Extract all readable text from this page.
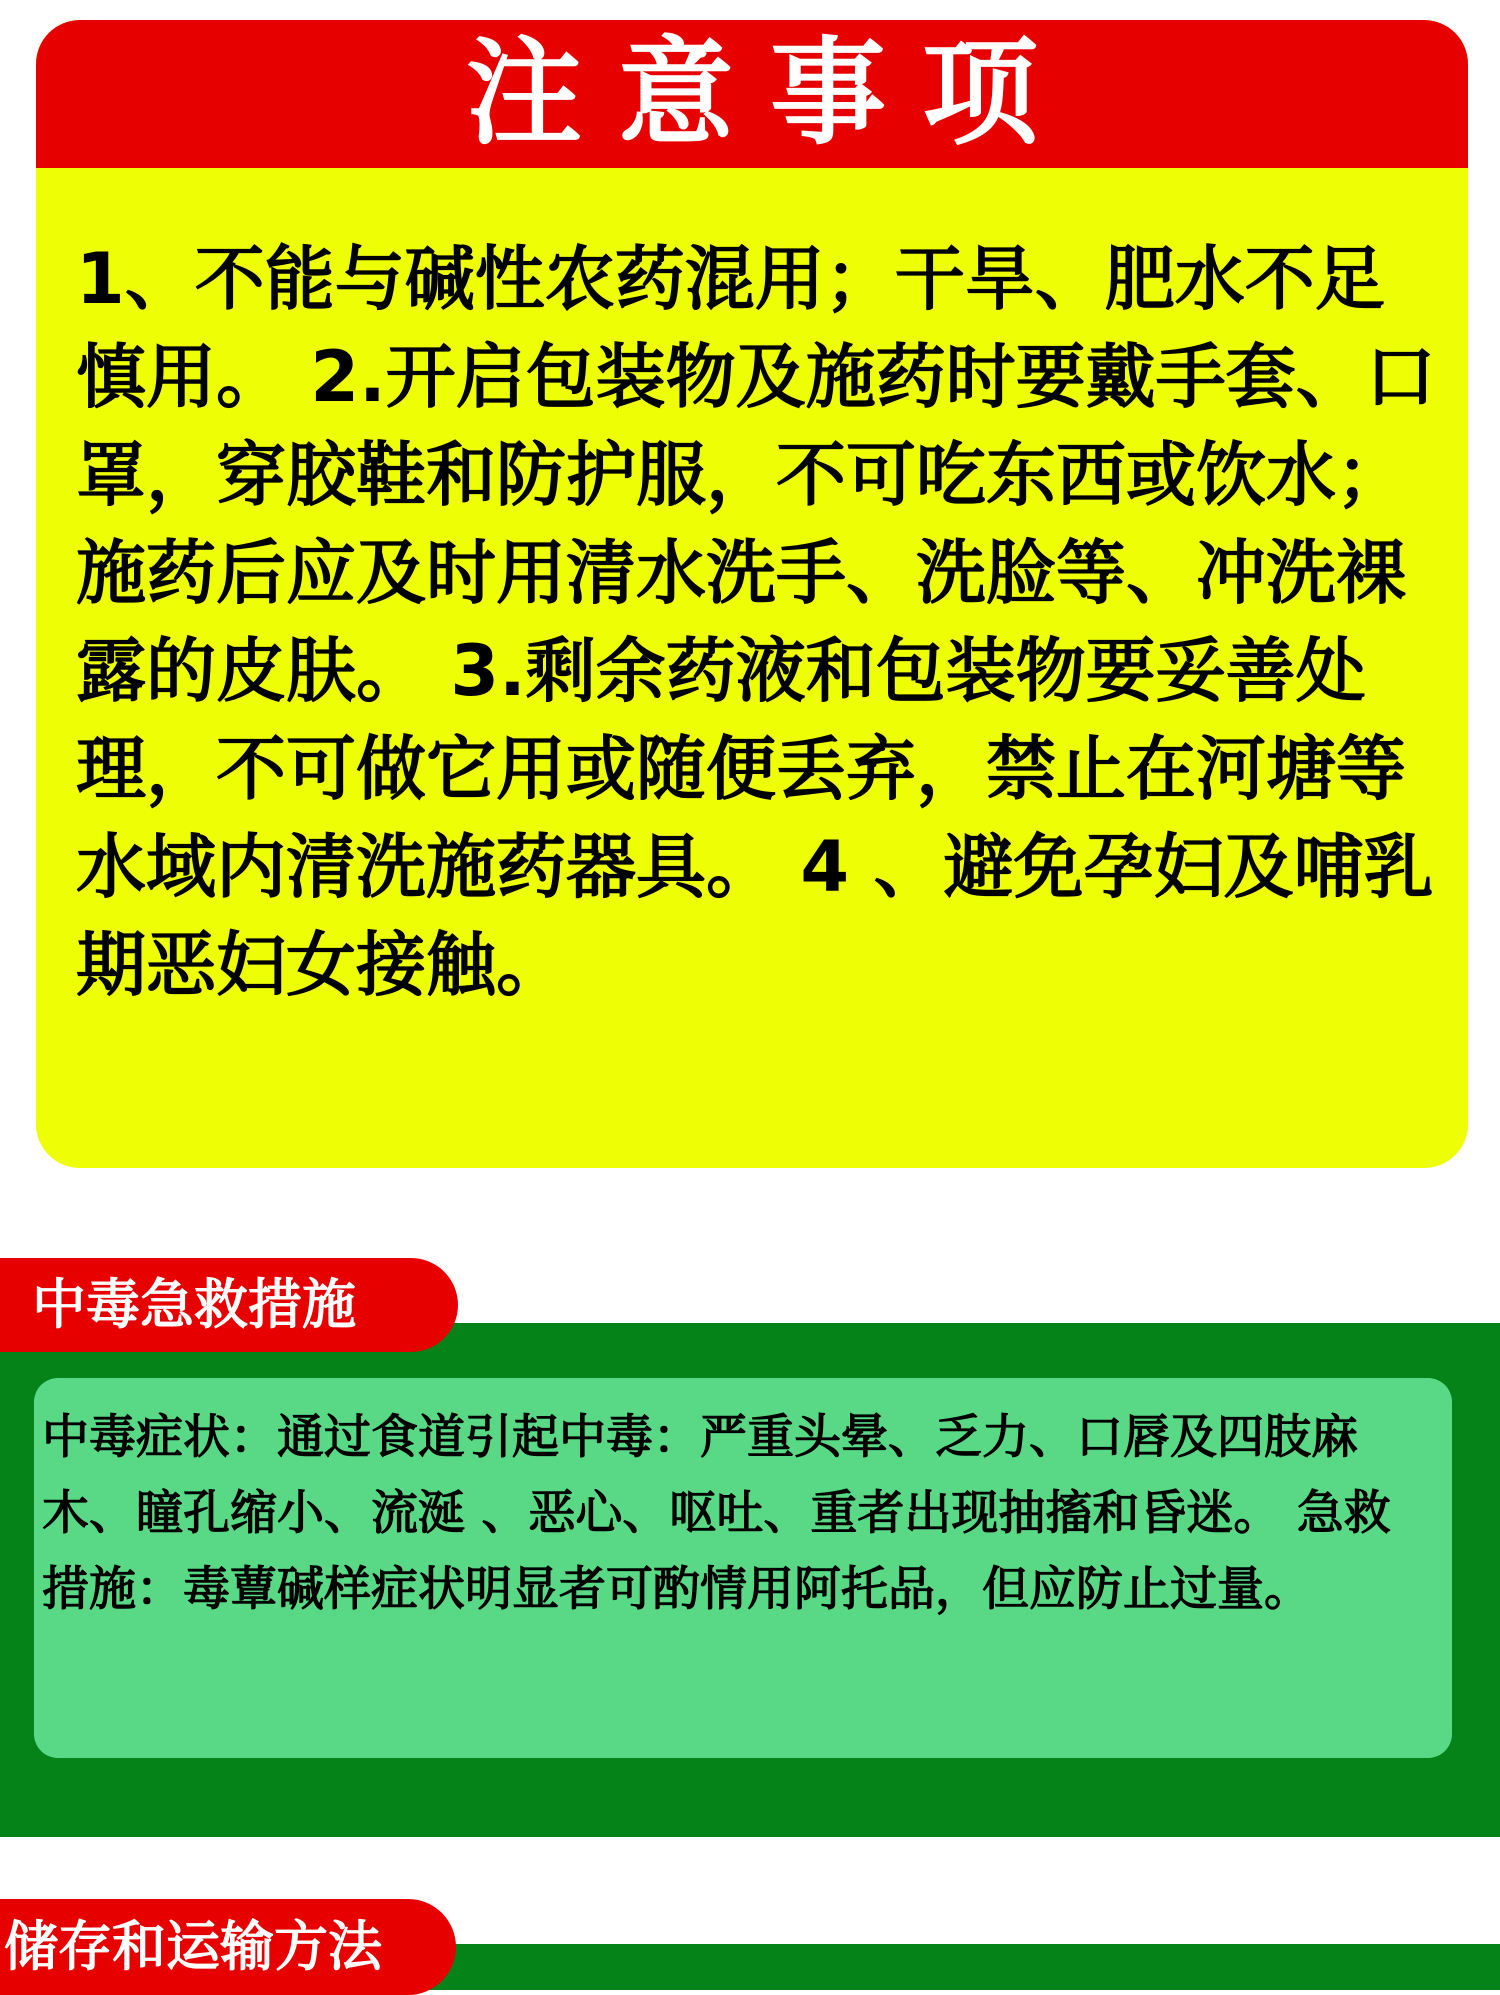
注意事项
1、不能与碱性农药混用；干旱、肥水不足慎用。 2.开启包装物及施药时要戴手套、口罩，穿胶鞋和防护服，不可吃东西或饮水；施药后应及时用清水洗手、洗脸等、冲洗裸露的皮肤。 3.剩余药液和包装物要妥善处理，不可做它用或随便丢弃，禁止在河塘等水域内清洗施药器具。 4 、避免孕妇及哺乳期恶妇女接触。
中毒急救措施
中毒症状：通过食道引起中毒：严重头晕、乏力、口唇及四肢麻木、瞳孔缩小、流涎 、恶心、呕吐、重者出现抽搐和昏迷。 急救措施：毒蕈碱样症状明显者可酌情用阿托品，但应防止过量。
储存和运输方法
